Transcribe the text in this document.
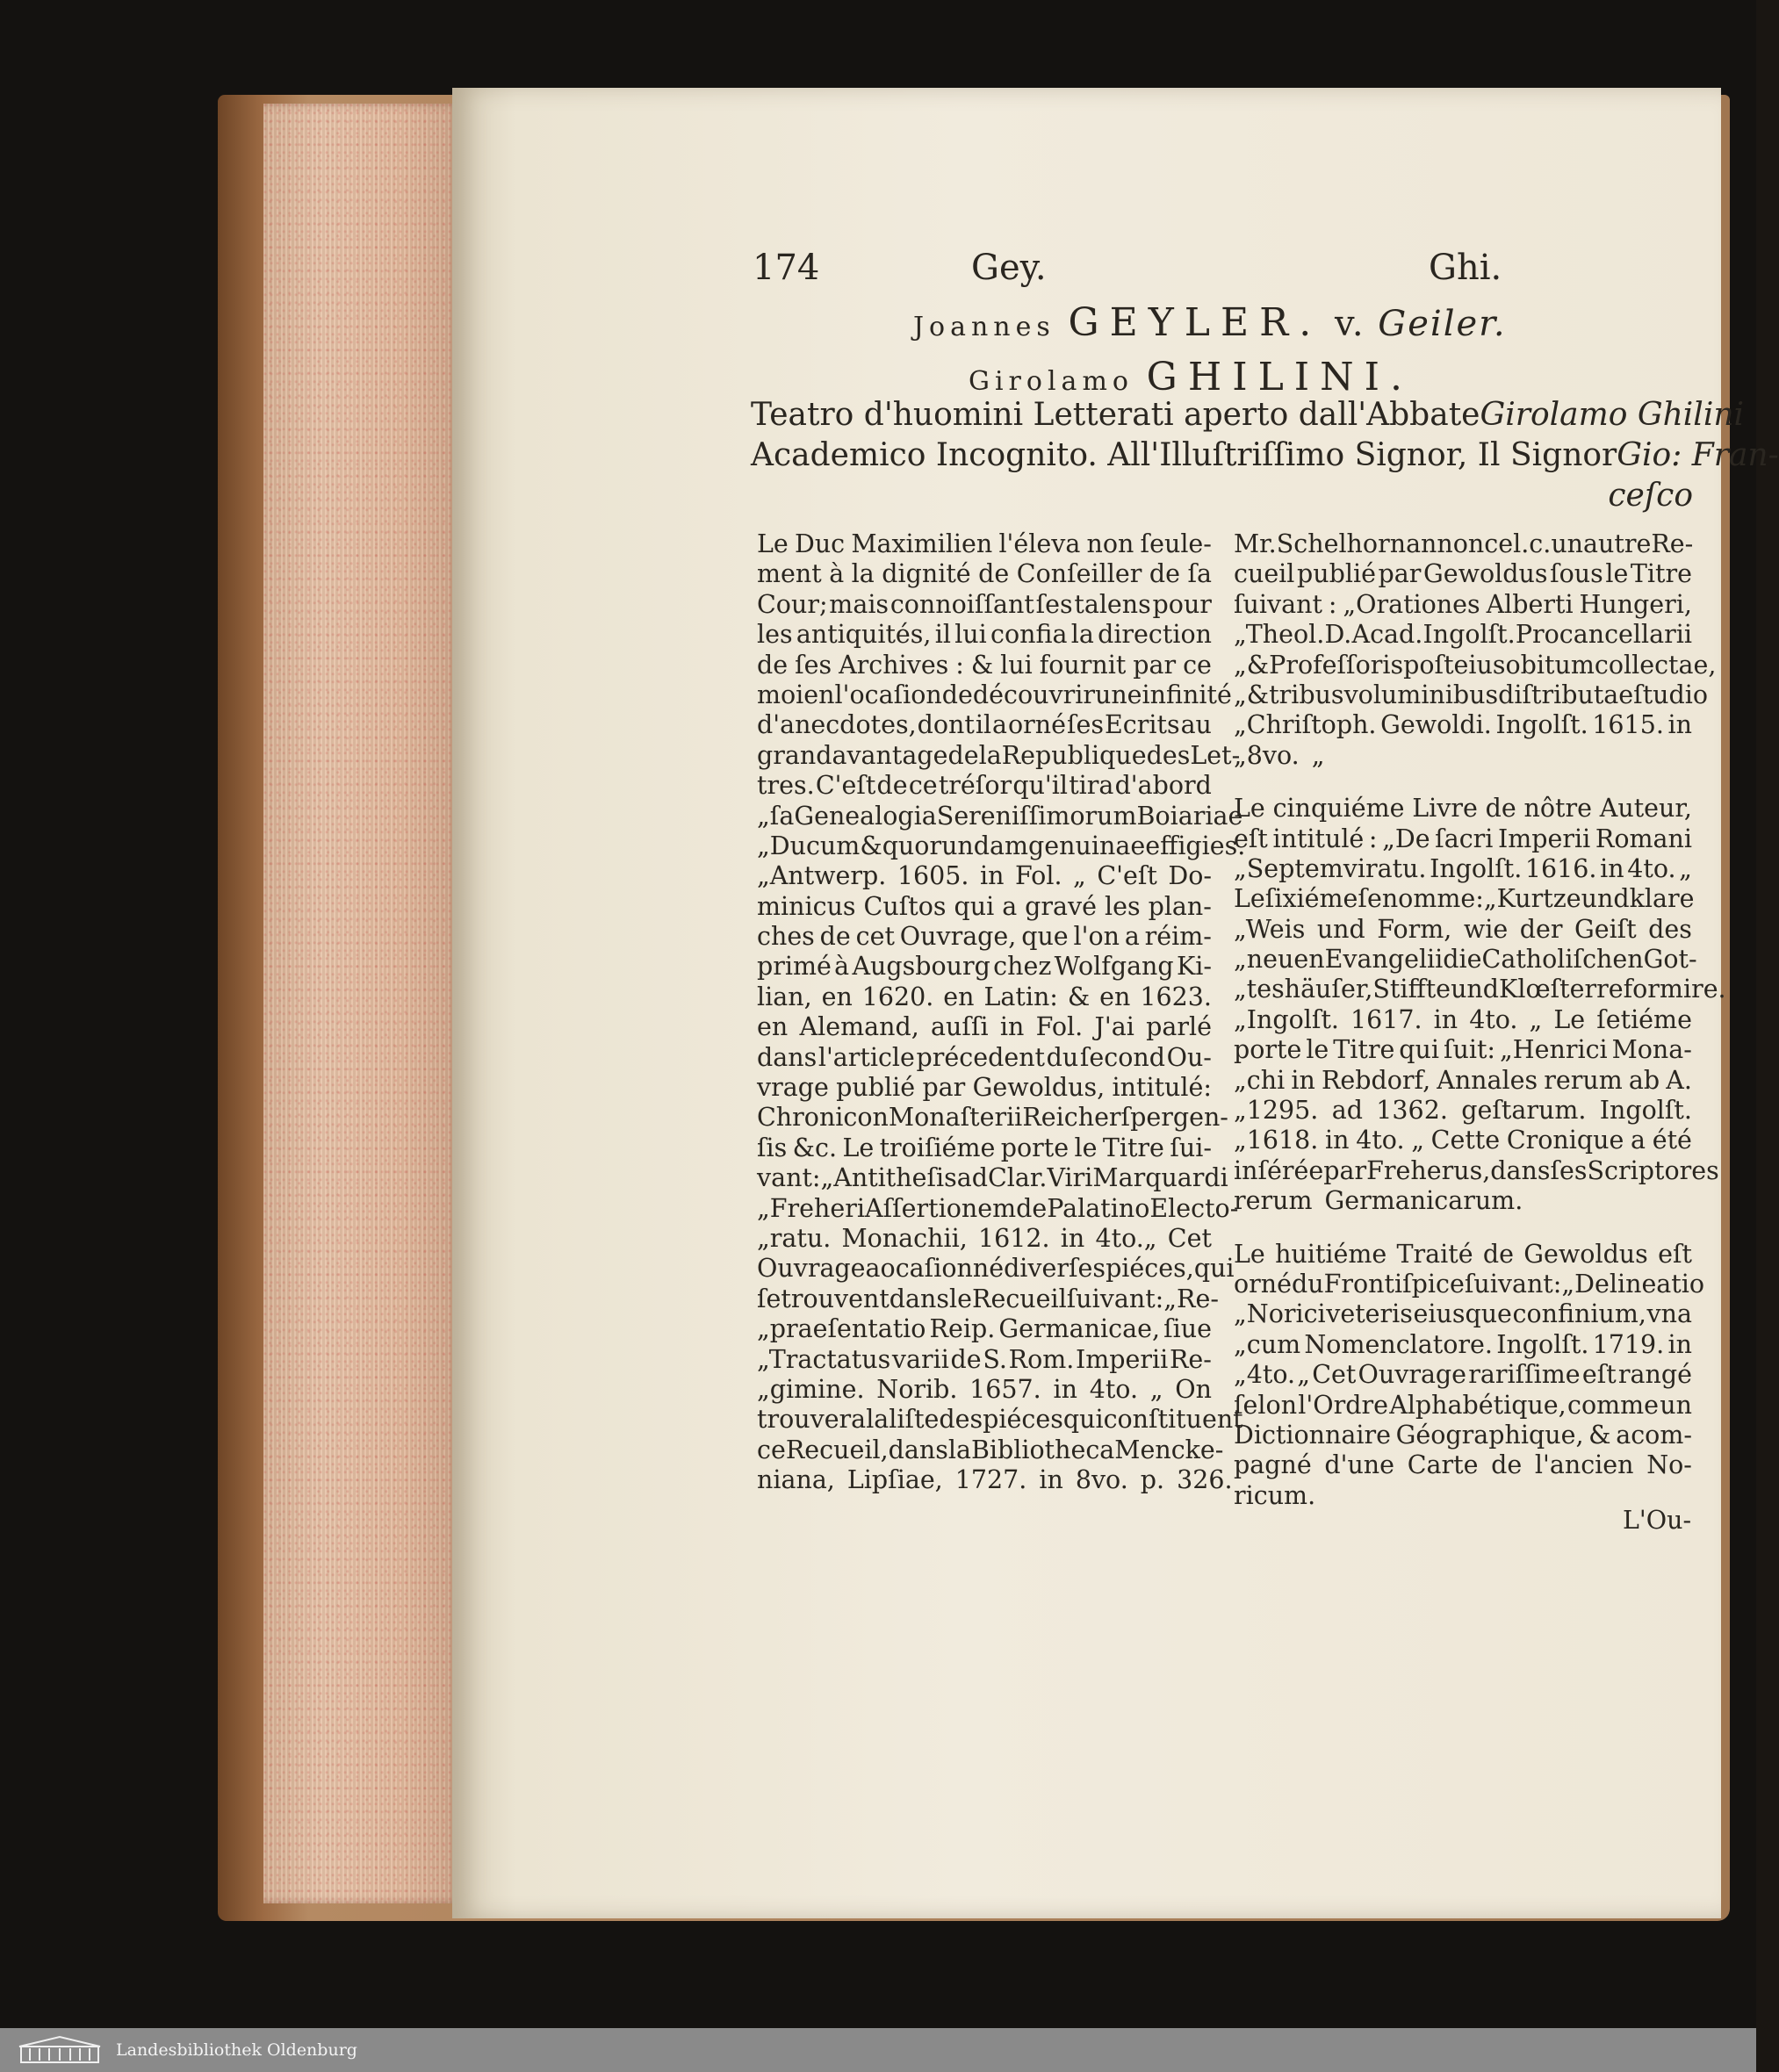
174	Gey.	Ghi.
Joannes GEYLER. v. Geiler.
Girolamo GHILINI.
Teatro d'huomini Letterati aperto dall'Abbate Girolamo Ghilini
Academico Incognito. All'Illuſtriſſimo Signor, Il Signor Gio: Fran-
ceſco
Le Duc Maximilien l'éleva non ſeule-
ment à la dignité de Conſeiller de ſa
Cour; mais connoiſſant ſes talens pour
les antiquités, il lui confia la direction
de ſes Archives : & lui fournit par ce
moien l'ocaſion de découvrir une infinité
d'anecdotes, dont il a orné ſes Ecrits au
grand avantage de la Republique des Let-
tres. C'eſt de ce tréſor qu'il tira d'abord
„ſa Genealogia Sereniſſimorum Boiariae
„Ducum & quorundam genuinae effigies.
„Antwerp. 1605. in Fol. „ C'eſt Do-
minicus Cuſtos qui a gravé les plan-
ches de cet Ouvrage, que l'on a réim-
primé à Augsbourg chez Wolfgang Ki-
lian, en 1620. en Latin: & en 1623.
en Alemand, auſſi in Fol. J'ai parlé
dans l'article précedent du ſecond Ou-
vrage publié par Gewoldus, intitulé:
Chronicon Monaſterii Reicherſpergen-
ſis &c. Le troiſiéme porte le Titre ſui-
vant: „Antitheſis ad Clar.Viri Marquardi
„Freheri Aſſertionem de Palatino Electo-
„ratu. Monachii, 1612. in 4to.„ Cet
Ouvrage a ocaſionné diverſes piéces, qui
ſe trouvent dans le Recueil ſuivant: „Re-
„praeſentatio Reip. Germanicae, ſiue
„Tractatus varii de S. Rom. Imperii Re-
„gimine. Norib. 1657. in 4to. „ On
trouvera la liſte des piéces qui conſtituent
ce Recueil, dans la Bibliotheca Mencke-
niana, Lipſiae, 1727. in 8vo. p. 326.
Mr. Schelhorn annonce l. c. un autre Re-
cueil publié par Gewoldus ſous le Titre
ſuivant : „Orationes Alberti Hungeri,
„Theol. D. Acad. Ingolſt. Procancellarii
„& Profeſſoris poſt eius obitum collectae,
„& tribus voluminibus diſtributae ſtudio
„Chriſtoph. Gewoldi. Ingolſt. 1615. in
„8vo. „
Le cinquiéme Livre de nôtre Auteur,
eſt intitulé : „De ſacri Imperii Romani
„Septemviratu. Ingolſt. 1616. in 4to. „
Le ſixiéme ſe nomme : „Kurtze und klare
„Weis und Form, wie der Geiſt des
„neuen Evangelii die Catholiſchen Got-
„teshäuſer, Stiffte und Klœſter reformire.
„Ingolſt. 1617. in 4to. „ Le ſetiéme
porte le Titre qui ſuit: „Henrici Mona-
„chi in Rebdorf, Annales rerum ab A.
„1295. ad 1362. geſtarum. Ingolſt.
„1618. in 4to. „ Cette Cronique a été
inſérée par Freherus, dans ſes Scriptores
rerum Germanicarum.
Le huitiéme Traité de Gewoldus eſt
orné du Frontiſpice ſuivant: „Delineatio
„Norici veteris eiusque confinium, vna
„cum Nomenclatore. Ingolſt. 1719. in
„4to. „ Cet Ouvrage rariſſime eſt rangé
ſelon l'Ordre Alphabétique, comme un
Dictionnaire Géographique, & acom-
pagné d'une Carte de l'ancien No-
ricum.
L'Ou-
Landesbibliothek Oldenburg
